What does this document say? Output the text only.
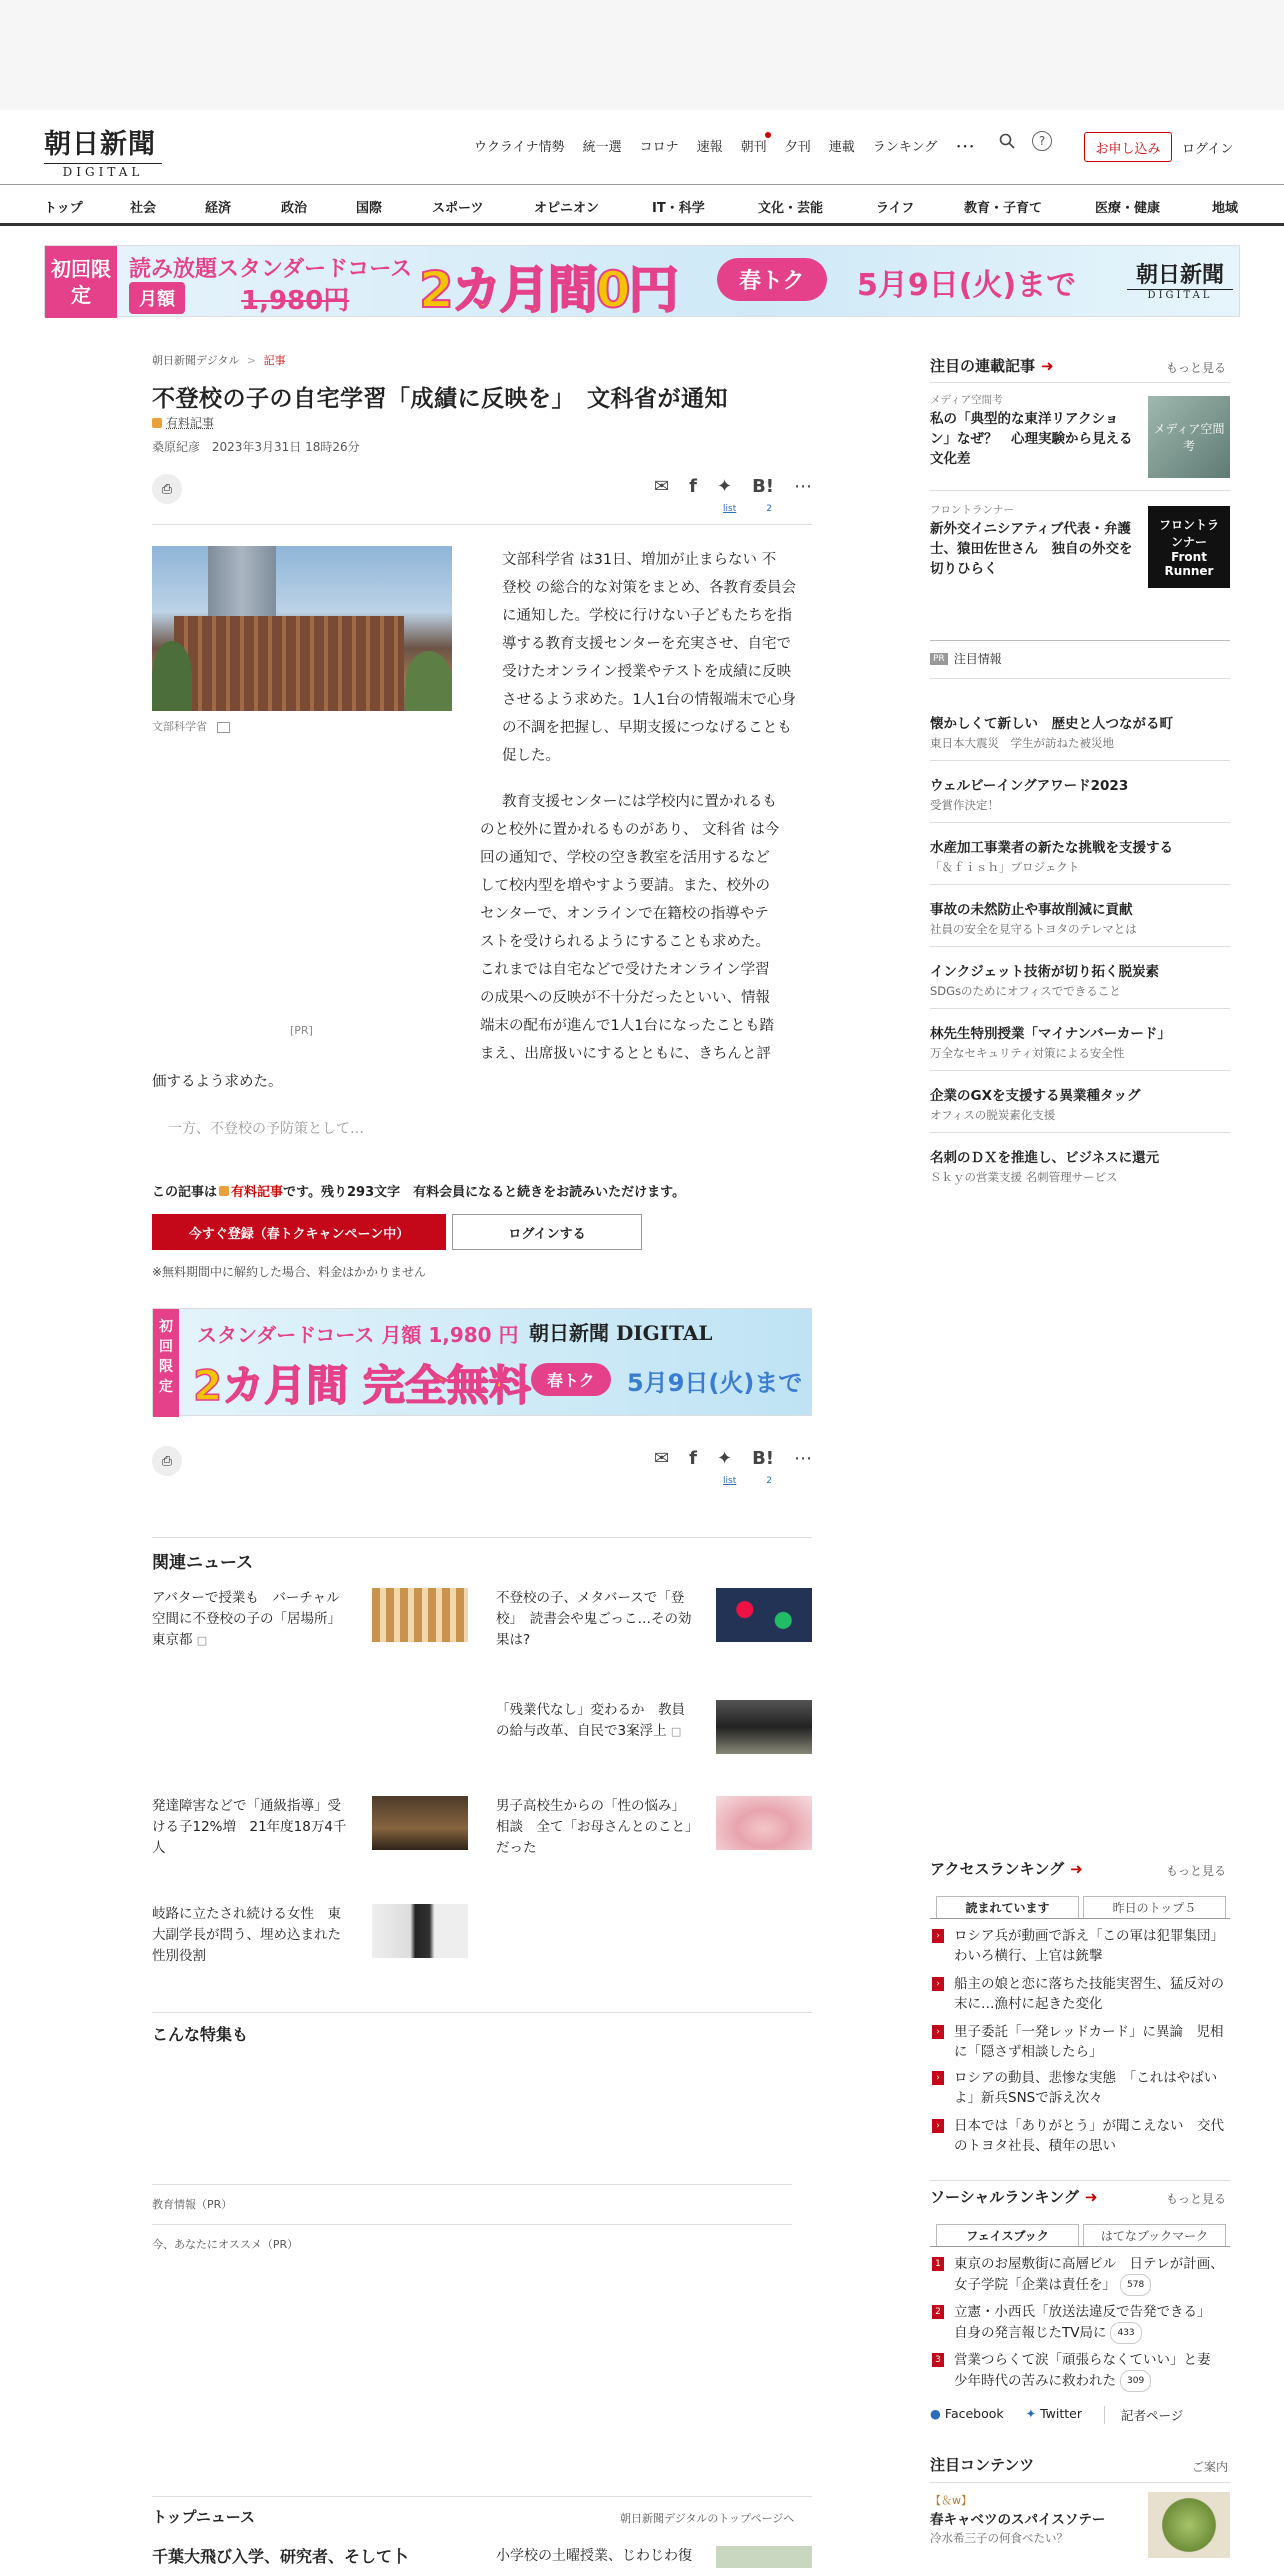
朝日新聞
DIGITAL
ウクライナ情勢 統一選 コロナ 速報 朝刊 夕刊 連載 ランキング ･･･	?
お申し込み	ログイン
トップ	社会	経済	政治	国際	スポーツ	オピニオン	IT・科学	文化・芸能	ライフ	教育・子育て	医療・健康	地域
初回限定
読み放題スタンダードコース
月額	1,980円 2カ月間0円	春トク	5月9日(火)まで	朝日新聞
DIGITAL
朝日新聞デジタル > 記事
不登校の子の自宅学習「成績に反映を」　文科省が通知
有料記事
桑原紀彦 2023年3月31日 18時26分
⎙	✉ f ✦ B! ⋯
list	2
文部科学省
文部科学省 は31日、増加が止まらない 不
登校 の総合的な対策をまとめ、各教育委員会
に通知した。学校に行けない子どもたちを指
導する教育支援センターを充実させ、自宅で
受けたオンライン授業やテストを成績に反映
させるよう求めた。1人1台の情報端末で心身
の不調を把握し、早期支援につなげることも
促した。
教育支援センターには学校内に置かれるも
のと校外に置かれるものがあり、 文科省 は今
回の通知で、学校の空き教室を活用するなど
して校内型を増やすよう要請。また、校外の
センターで、オンラインで在籍校の指導やテ
ストを受けられるようにすることも求めた。
これまでは自宅などで受けたオンライン学習
の成果への反映が不十分だったといい、情報
端末の配布が進んで1人1台になったことも踏
まえ、出席扱いにするとともに、きちんと評
価するよう求めた。
[PR]
一方、不登校の予防策として…
この記事は 有料記事です。残り293文字　有料会員になると続きをお読みいただけます。
今すぐ登録（春トクキャンペーン中）	ログインする
※無料期間中に解約した場合、料金はかかりません
初回限定
スタンダードコース 月額 1,980 円 朝日新聞 DIGITAL
2カ月間 完全無料	春トク	5月9日(火)まで
⎙	✉ f ✦ B! ⋯
list	2
関連ニュース
アバターで授業も　バーチャル空間に不登校の子の「居場所」　東京都 □
不登校の子、メタバースで「登校」　読書会や鬼ごっこ…その効果は?
「残業代なし」変わるか　教員の給与改革、自民で3案浮上 □
発達障害などで「通級指導」受ける子12%増　21年度18万4千人
男子高校生からの「性の悩み」相談　全て「お母さんとのこと」だった
岐路に立たされ続ける女性　東大副学長が問う、埋め込まれた性別役割
こんな特集も
教育情報（PR）
今、あなたにオススメ（PR）
トップニュース	朝日新聞デジタルのトップページへ
千葉大飛び入学、研究者、そして卜	小学校の土曜授業、じわじわ復
注目の連載記事 ➜	もっと見る
メディア空間考
私の「典型的な東洋リアクション」なぜ？　心理実験から見える文化差
メディア空間考
フロントランナー
新外交イニシアティブ代表・弁護士、猿田佐世さん　独自の外交を切りひらく
フロントランナー Front Runner
PR 注目情報
懐かしくて新しい　歴史と人つながる町
東日本大震災　学生が訪ねた被災地
ウェルビーイングアワード2023
受賞作決定！
水産加工事業者の新たな挑戦を支援する
「＆ｆｉｓｈ」プロジェクト
事故の未然防止や事故削減に貢献
社員の安全を見守るトヨタのテレマとは
インクジェット技術が切り拓く脱炭素
SDGsのためにオフィスでできること
林先生特別授業「マイナンバーカード」
万全なセキュリティ対策による安全性
企業のGXを支援する異業種タッグ
オフィスの脱炭素化支援
名刺のＤＸを推進し、ビジネスに還元
Ｓｋｙの営業支援 名刺管理サービス
アクセスランキング ➜	もっと見る
読まれています	昨日のトップ５
›	ロシア兵が動画で訴え「この軍は犯罪集団」　わいろ横行、上官は銃撃
›	船主の娘と恋に落ちた技能実習生、猛反対の末に…漁村に起きた変化
›	里子委託「一発レッドカード」に異論　児相に「隠さず相談したら」
›	ロシアの動員、悲惨な実態　「これはやばいよ」新兵SNSで訴え次々
›	日本では「ありがとう」が聞こえない　交代のトヨタ社長、積年の思い
ソーシャルランキング ➜	もっと見る
フェイスブック	はてなブックマーク
1 東京のお屋敷街に高層ビル　日テレが計画、女子学院「企業は責任を」 578
2 立憲・小西氏「放送法違反で告発できる」　自身の発言報じたTV局に 433
3 営業つらくて涙「頑張らなくていい」と妻　少年時代の苦みに救われた 309
● Facebook ✦ Twitter	記者ページ
注目コンテンツ	ご案内
【＆w】
春キャベツのスパイスソテー
冷水希三子の何食べたい？
